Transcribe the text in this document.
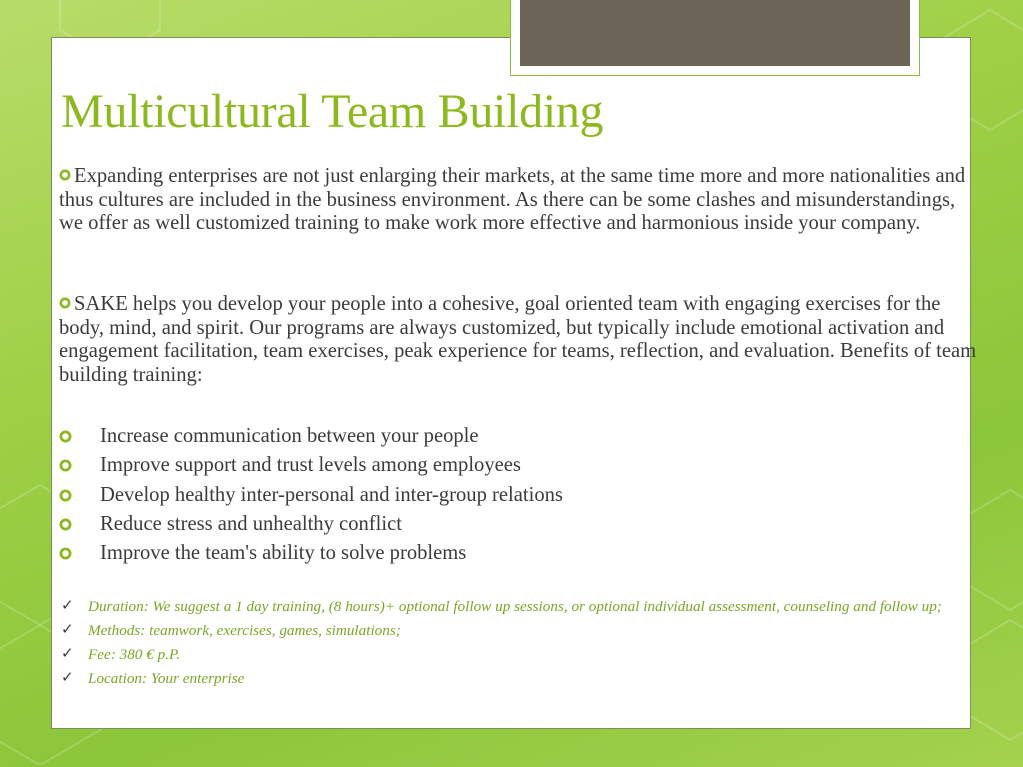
Multicultural Team Building

Expanding enterprises are not just enlarging their markets, at the same time more and more nationalities and thus cultures are included in the business environment. As there can be some clashes and misunderstandings, we offer as well customized training to make work more effective and harmonious inside your company.

SAKE helps you develop your people into a cohesive, goal oriented team with engaging exercises for the body, mind, and spirit. Our programs are always customized, but typically include emotional activation and engagement facilitation, team exercises, peak experience for teams, reflection, and evaluation. Benefits of team building training:

Increase communication between your people
Improve support and trust levels among employees
Develop healthy inter-personal and inter-group relations
Reduce stress and unhealthy conflict
Improve the team's ability to solve problems
✓ Duration: We suggest a 1 day training, (8 hours)+ optional follow up sessions, or optional individual assessment, counseling and follow up;
✓ Methods: teamwork, exercises, games, simulations;
✓ Fee: 380 € p.P.
✓ Location: Your enterprise
